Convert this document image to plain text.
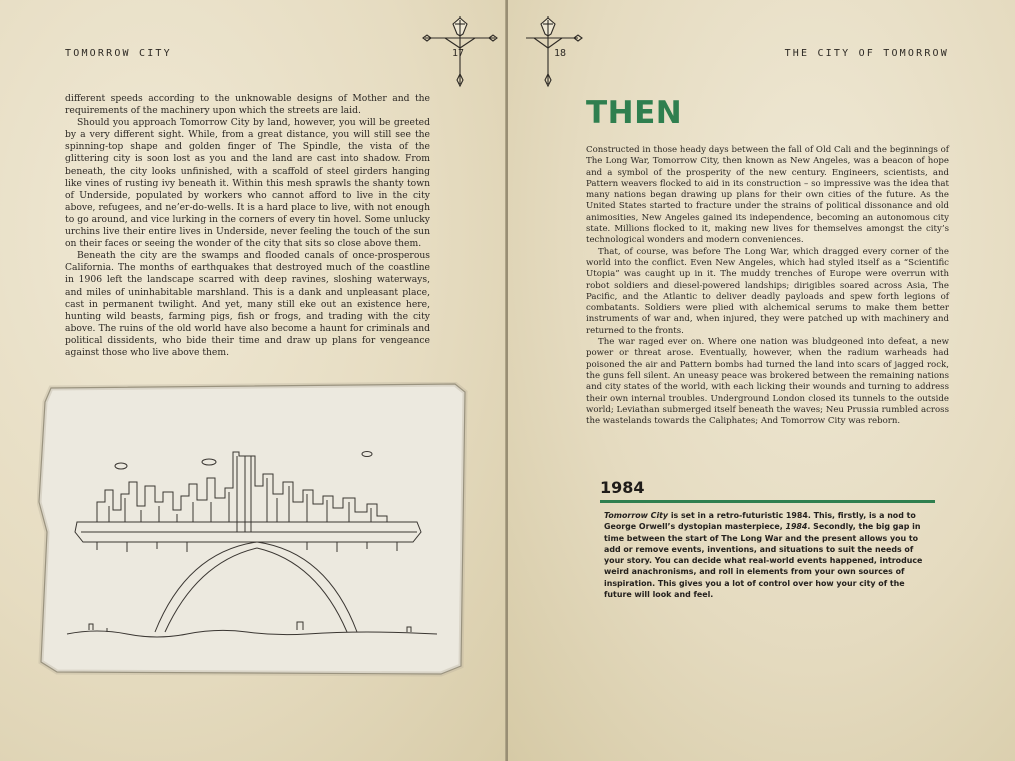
TOMORROW CITY	17

different speeds according to the unknowable designs of Mother and the requirements of the machinery upon which the streets are laid.

Should you approach Tomorrow City by land, however, you will be greeted by a very different sight. While, from a great distance, you will still see the spinning-top shape and golden finger of The Spindle, the vista of the glittering city is soon lost as you and the land are cast into shadow. From beneath, the city looks unfinished, with a scaffold of steel girders hanging like vines of rusting ivy beneath it. Within this mesh sprawls the shanty town of Underside, populated by workers who cannot afford to live in the city above, refugees, and ne’er-do-wells. It is a hard place to live, with not enough to go around, and vice lurking in the corners of every tin hovel. Some unlucky urchins live their entire lives in Underside, never feeling the touch of the sun on their faces or seeing the wonder of the city that sits so close above them.

Beneath the city are the swamps and flooded canals of once-prosperous California. The months of earthquakes that destroyed much of the coastline in 1906 left the landscape scarred with deep ravines, sloshing waterways, and miles of uninhabitable marshland. This is a dank and unpleasant place, cast in permanent twilight. And yet, many still eke out an existence here, hunting wild beasts, farming pigs, fish or frogs, and trading with the city above. The ruins of the old world have also become a haunt for criminals and political dissidents, who bide their time and draw up plans for vengeance against those who live above them.

THE CITY OF TOMORROW
18
THEN

Constructed in those heady days between the fall of Old Cali and the beginnings of The Long War, Tomorrow City, then known as New Angeles, was a beacon of hope and a symbol of the prosperity of the new century. Engineers, scientists, and Pattern weavers flocked to aid in its construction – so impressive was the idea that many nations began drawing up plans for their own cities of the future. As the United States started to fracture under the strains of political dissonance and old animosities, New Angeles gained its independence, becoming an autonomous city state. Millions flocked to it, making new lives for themselves amongst the city’s technological wonders and modern conveniences.

That, of course, was before The Long War, which dragged every corner of the world into the conflict. Even New Angeles, which had styled itself as a “Scientific Utopia” was caught up in it. The muddy trenches of Europe were overrun with robot soldiers and diesel-powered landships; dirigibles soared across Asia, The Pacific, and the Atlantic to deliver deadly payloads and spew forth legions of combatants. Soldiers were plied with alchemical serums to make them better instruments of war and, when injured, they were patched up with machinery and returned to the fronts.

The war raged ever on. Where one nation was bludgeoned into defeat, a new power or threat arose. Eventually, however, when the radium warheads had poisoned the air and Pattern bombs had turned the land into scars of jagged rock, the guns fell silent. An uneasy peace was brokered between the remaining nations and city states of the world, with each licking their wounds and turning to address their own internal troubles. Underground London closed its tunnels to the outside world; Leviathan submerged itself beneath the waves; Neu Prussia rumbled across the wastelands towards the Caliphates; And Tomorrow City was reborn.

1984

Tomorrow City is set in a retro-futuristic 1984. This, firstly, is a nod to George Orwell’s dystopian masterpiece, 1984. Secondly, the big gap in time between the start of The Long War and the present allows you to add or remove events, inventions, and situations to suit the needs of your story. You can decide what real-world events happened, introduce weird anachronisms, and roll in elements from your own sources of inspiration. This gives you a lot of control over how your city of the future will look and feel.
